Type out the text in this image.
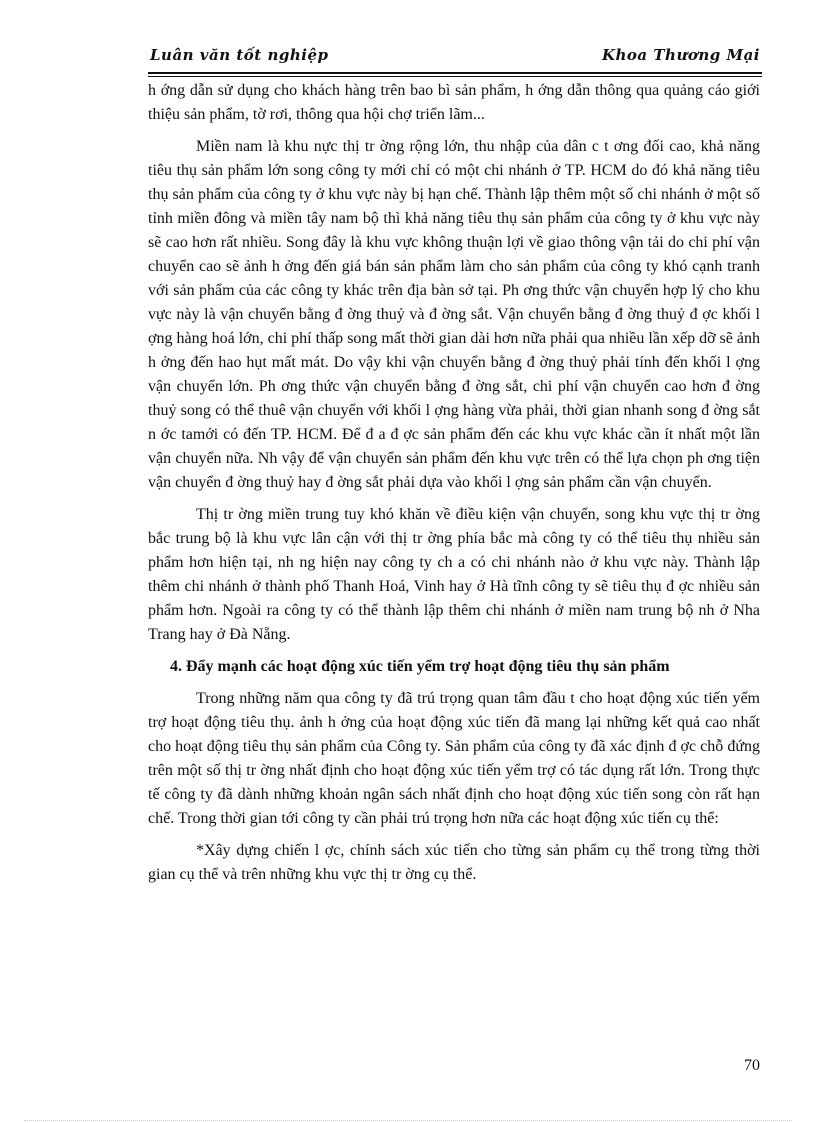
Luân văn tốt nghiệp	Khoa Thương Mại

h ớng dẫn sử dụng cho khách hàng trên bao bì sản phẩm, h ớng dẫn thông qua quảng cáo giới thiệu sản phẩm, tờ rơi, thông qua hội chợ triển lãm...

Miền nam là khu nực thị tr ờng rộng lớn, thu nhập của dân c t ơng đối cao, khả năng tiêu thụ sản phẩm lớn song công ty mới chỉ có một chi nhánh ở TP. HCM do đó khả năng tiêu thụ sản phẩm của công ty ở khu vực này bị hạn chế. Thành lập thêm một số chi nhánh ở một số tỉnh miền đông và miền tây nam bộ thì khả năng tiêu thụ sản phẩm của công ty ở khu vực này sẽ cao hơn rất nhiều. Song đây là khu vực không thuận lợi về giao thông vận tải do chi phí vận chuyển cao sẽ ảnh h ởng đến giá bán sản phẩm làm cho sản phẩm của công ty khó cạnh tranh với sản phẩm của các công ty khác trên địa bàn sở tại. Ph ơng thức vận chuyển hợp lý cho khu vực này là vận chuyển bằng đ ờng thuỷ và đ ờng sắt. Vận chuyển bằng đ ờng thuỷ đ ợc khối l ợng hàng hoá lớn, chi phí thấp song mất thời gian dài hơn nữa phải qua nhiều lần xếp dỡ sẽ ảnh h ởng đến hao hụt mất mát. Do vậy khi vận chuyển bằng đ ờng thuỷ phải tính đến khối l ợng vận chuyển lớn. Ph ơng thức vận chuyển bằng đ ờng sắt, chi phí vận chuyển cao hơn đ ờng thuỷ song có thể thuê vận chuyển với khối l ợng hàng vừa phải, thời gian nhanh song đ ờng sắt n ớc tamới có đến TP. HCM. Để đ a đ ợc sản phẩm đến các khu vực khác cần ít nhất một lần vận chuyển nữa. Nh vậy để vận chuyển sản phẩm đến khu vực trên có thể lựa chọn ph ơng tiện vận chuyển đ ờng thuỷ hay đ ờng sắt phải dựa vào khối l ợng sản phẩm cần vận chuyển.

Thị tr ờng miền trung tuy khó khăn về điều kiện vận chuyển, song khu vực thị tr ờng bắc trung bộ là khu vực lân cận với thị tr ờng phía bắc mà công ty có thể tiêu thụ nhiều sản phẩm hơn hiện tại, nh ng hiện nay công ty ch a có chi nhánh nào ở khu vực này. Thành lập thêm chi nhánh ở thành phố Thanh Hoá, Vinh hay ở Hà tĩnh công ty sẽ tiêu thụ đ ợc nhiều sản phẩm hơn. Ngoài ra công ty có thể thành lập thêm chi nhánh ở miền nam trung bộ nh ở Nha Trang hay ở Đà Nẵng.

4. Đẩy mạnh các hoạt động xúc tiến yểm trợ hoạt động tiêu thụ sản phẩm

Trong những năm qua công ty đã trú trọng quan tâm đầu t cho hoạt động xúc tiến yểm trợ hoạt động tiêu thụ. ảnh h ởng của hoạt động xúc tiến đã mang lại những kết quả cao nhất cho hoạt động tiêu thụ sản phẩm của Công ty. Sản phẩm của công ty đã xác định đ ợc chỗ đứng trên một số thị tr ờng nhất định cho hoạt động xúc tiến yểm trợ có tác dụng rất lớn. Trong thực tế công ty đã dành những khoản ngân sách nhất định cho hoạt động xúc tiến song còn rất hạn chế. Trong thời gian tới công ty cần phải trú trọng hơn nữa các hoạt động xúc tiến cụ thể:

*Xây dựng chiến l ợc, chính sách xúc tiến cho từng sản phẩm cụ thể trong từng thời gian cụ thể và trên những khu vực thị tr ờng cụ thể.

70
